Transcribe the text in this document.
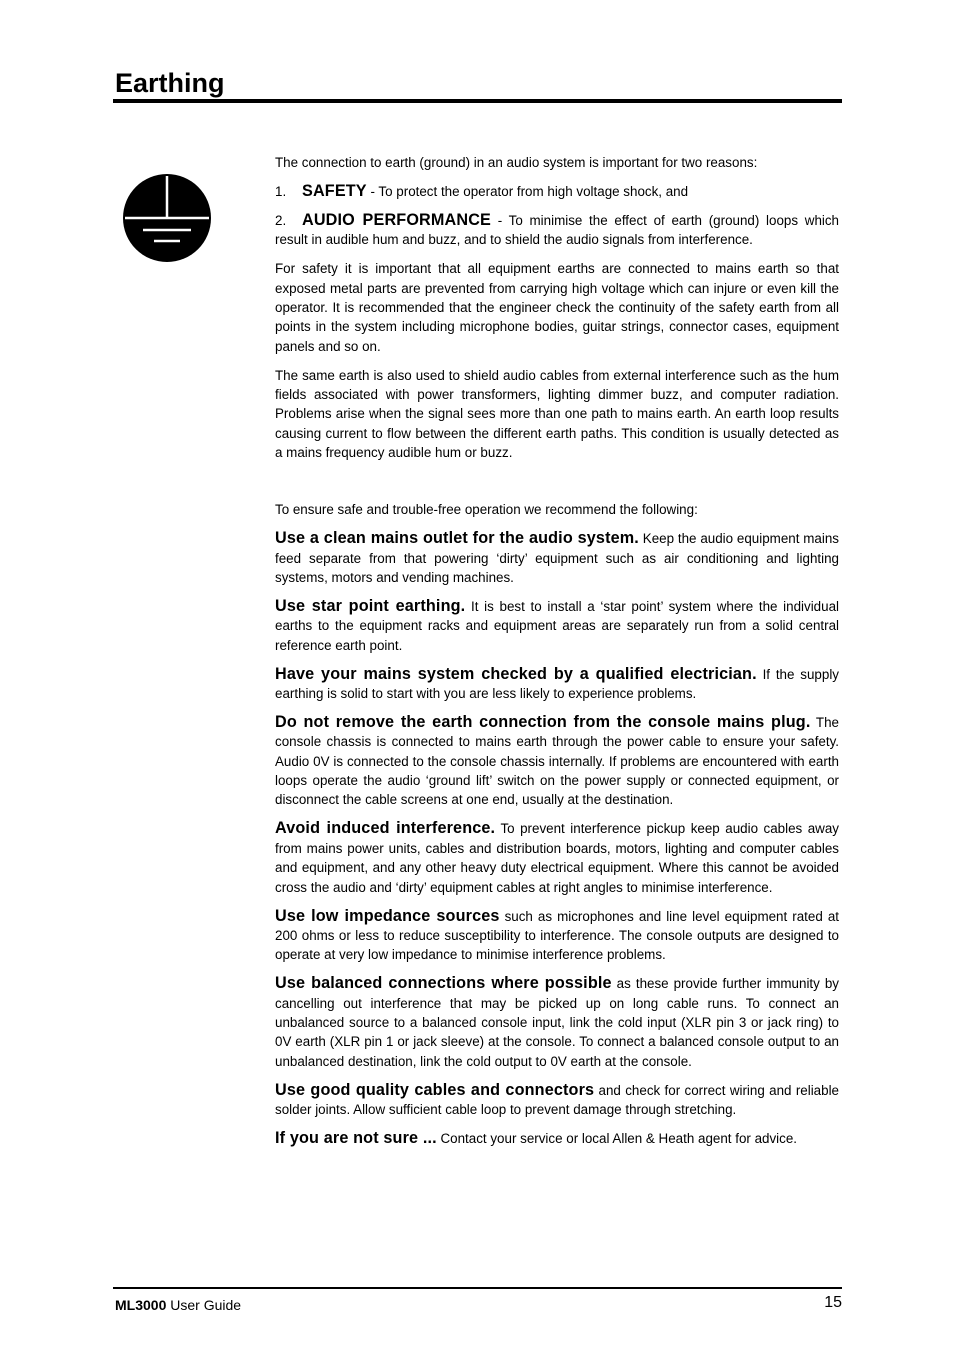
Earthing

The connection to earth (ground) in an audio system is important for two reasons:

1. SAFETY - To protect the operator from high voltage shock, and

2. AUDIO PERFORMANCE - To minimise the effect of earth (ground) loops which result in audible hum and buzz, and to shield the audio signals from interference.

For safety it is important that all equipment earths are connected to mains earth so that exposed metal parts are prevented from carrying high voltage which can injure or even kill the operator. It is recommended that the engineer check the continuity of the safety earth from all points in the system including microphone bodies, guitar strings, connector cases, equipment panels and so on.

The same earth is also used to shield audio cables from external interference such as the hum fields associated with power transformers, lighting dimmer buzz, and computer radiation. Problems arise when the signal sees more than one path to mains earth. An earth loop results causing current to flow between the different earth paths. This condition is usually detected as a mains frequency audible hum or buzz.

To ensure safe and trouble-free operation we recommend the following:

Use a clean mains outlet for the audio system. Keep the audio equipment mains feed separate from that powering ‘dirty’ equipment such as air conditioning and lighting systems, motors and vending machines.

Use star point earthing. It is best to install a ‘star point’ system where the individual earths to the equipment racks and equipment areas are separately run from a solid central reference earth point.

Have your mains system checked by a qualified electrician. If the supply earthing is solid to start with you are less likely to experience problems.

Do not remove the earth connection from the console mains plug. The console chassis is connected to mains earth through the power cable to ensure your safety. Audio 0V is connected to the console chassis internally. If problems are encountered with earth loops operate the audio ‘ground lift’ switch on the power supply or connected equipment, or disconnect the cable screens at one end, usually at the destination.

Avoid induced interference. To prevent interference pickup keep audio cables away from mains power units, cables and distribution boards, motors, lighting and computer cables and equipment, and any other heavy duty electrical equipment. Where this cannot be avoided cross the audio and ‘dirty’ equipment cables at right angles to minimise interference.

Use low impedance sources such as microphones and line level equipment rated at 200 ohms or less to reduce susceptibility to interference. The console outputs are designed to operate at very low impedance to minimise interference problems.

Use balanced connections where possible as these provide further immunity by cancelling out interference that may be picked up on long cable runs. To connect an unbalanced source to a balanced console input, link the cold input (XLR pin 3 or jack ring) to 0V earth (XLR pin 1 or jack sleeve) at the console. To connect a balanced console output to an unbalanced destination, link the cold output to 0V earth at the console.

Use good quality cables and connectors and check for correct wiring and reliable solder joints. Allow sufficient cable loop to prevent damage through stretching.

If you are not sure ... Contact your service or local Allen & Heath agent for advice.

ML3000 User Guide	15
